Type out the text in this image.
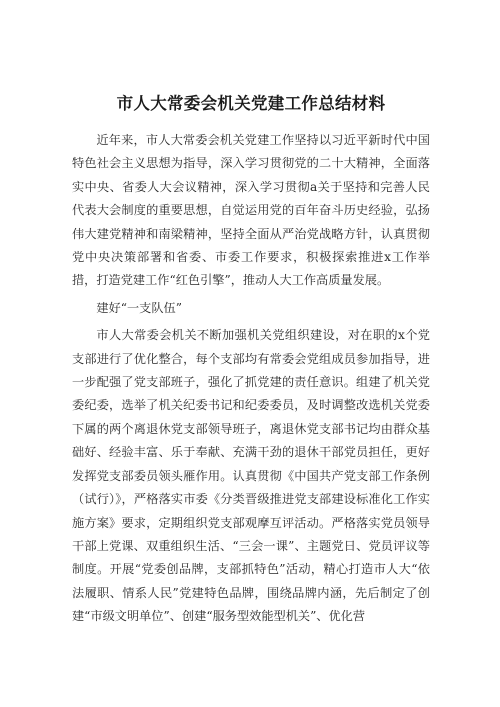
市人大常委会机关党建工作总结材料

近年来，市人大常委会机关党建工作坚持以习近平新时代中国特色社会主义思想为指导，深入学习贯彻党的二十大精神，全面落实中央、省委人大会议精神，深入学习贯彻a关于坚持和完善人民代表大会制度的重要思想，自觉运用党的百年奋斗历史经验，弘扬伟大建党精神和南梁精神，坚持全面从严治党战略方针，认真贯彻党中央决策部署和省委、市委工作要求，积极探索推进x工作举措，打造党建工作“红色引擎”，推动人大工作高质量发展。

建好“一支队伍”

市人大常委会机关不断加强机关党组织建设，对在职的x个党支部进行了优化整合，每个支部均有常委会党组成员参加指导，进一步配强了党支部班子，强化了抓党建的责任意识。组建了机关党委纪委，选举了机关纪委书记和纪委委员，及时调整改选机关党委下属的两个离退休党支部领导班子，离退休党支部书记均由群众基础好、经验丰富、乐于奉献、充满干劲的退休干部党员担任，更好发挥党支部委员领头雁作用。认真贯彻《中国共产党支部工作条例（试行）》，严格落实市委《分类晋级推进党支部建设标准化工作实施方案》要求，定期组织党支部观摩互评活动。严格落实党员领导干部上党课、双重组织生活、“三会一课”、主题党日、党员评议等制度。开展“党委创品牌，支部抓特色”活动，精心打造市人大“依法履职、情系人民”党建特色品牌，围绕品牌内涵，先后制定了创建“市级文明单位”、创建“服务型效能型机关”、优化营
